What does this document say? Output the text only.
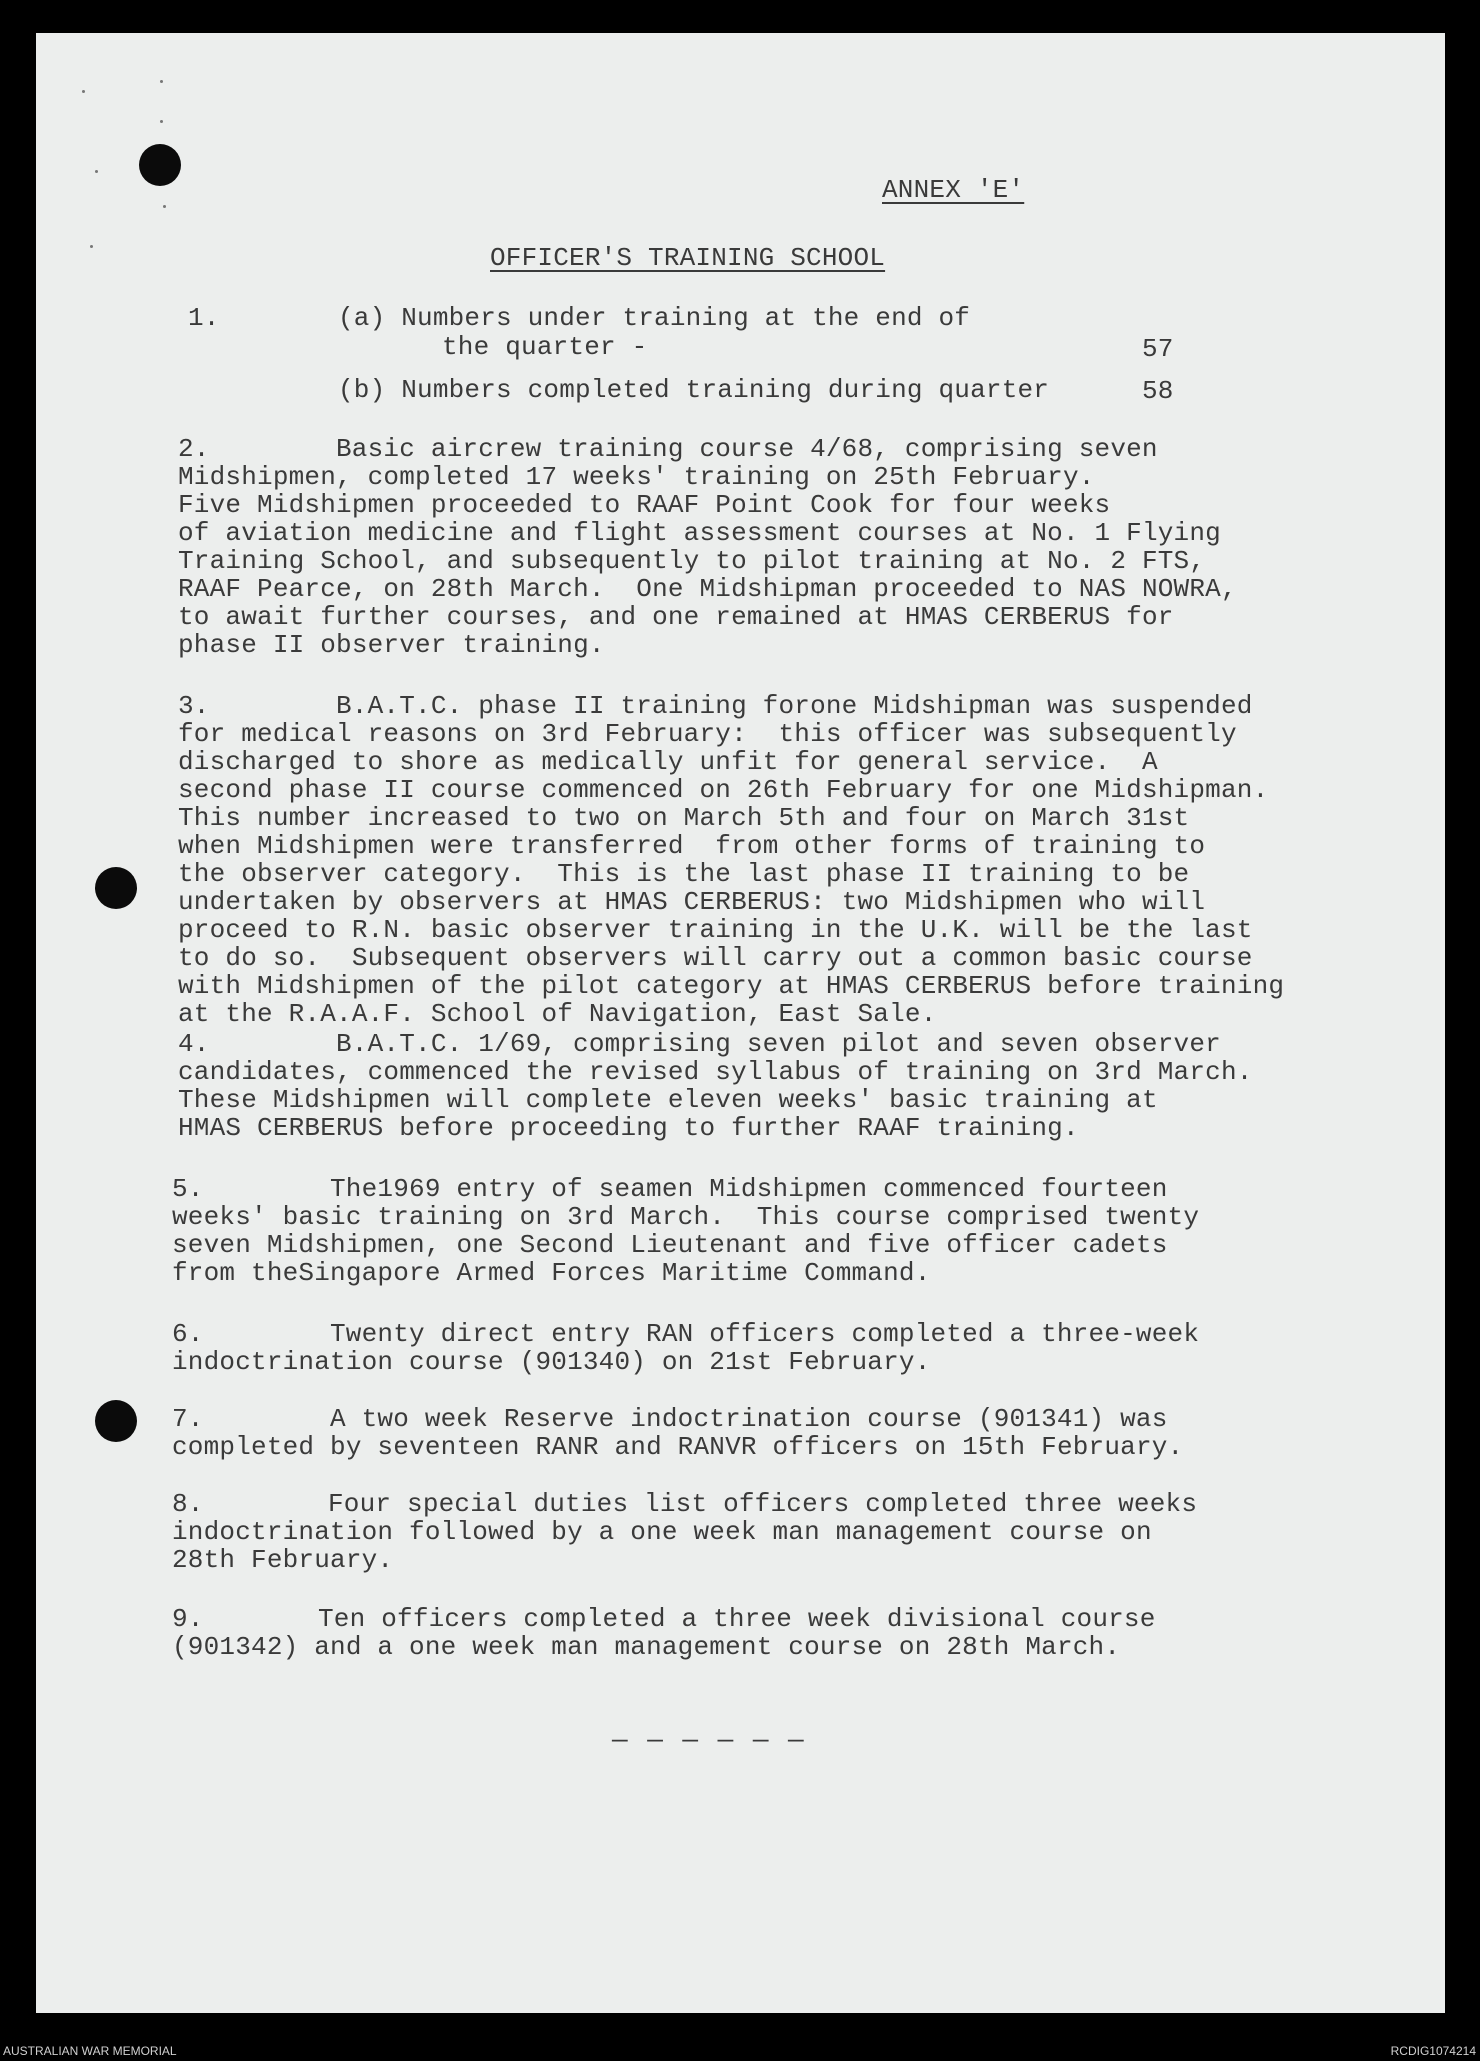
ANNEX 'E'
OFFICER'S TRAINING SCHOOL
1.	(a) Numbers under training at the end of
the quarter -	57
(b) Numbers completed training during quarter	58
2.	Basic aircrew training course 4/68, comprising seven
Midshipmen, completed 17 weeks' training on 25th February.
Five Midshipmen proceeded to RAAF Point Cook for four weeks
of aviation medicine and flight assessment courses at No. 1 Flying
Training School, and subsequently to pilot training at No. 2 FTS,
RAAF Pearce, on 28th March.  One Midshipman proceeded to NAS NOWRA,
to await further courses, and one remained at HMAS CERBERUS for
phase II observer training.
3.	B.A.T.C. phase II training forone Midshipman was suspended
for medical reasons on 3rd February:  this officer was subsequently
discharged to shore as medically unfit for general service.  A
second phase II course commenced on 26th February for one Midshipman.
This number increased to two on March 5th and four on March 31st
when Midshipmen were transferred  from other forms of training to
the observer category.  This is the last phase II training to be
undertaken by observers at HMAS CERBERUS: two Midshipmen who will
proceed to R.N. basic observer training in the U.K. will be the last
to do so.  Subsequent observers will carry out a common basic course
with Midshipmen of the pilot category at HMAS CERBERUS before training
at the R.A.A.F. School of Navigation, East Sale.
4.	B.A.T.C. 1/69, comprising seven pilot and seven observer
candidates, commenced the revised syllabus of training on 3rd March.
These Midshipmen will complete eleven weeks' basic training at
HMAS CERBERUS before proceeding to further RAAF training.
5.	The1969 entry of seamen Midshipmen commenced fourteen
weeks' basic training on 3rd March.  This course comprised twenty
seven Midshipmen, one Second Lieutenant and five officer cadets
from theSingapore Armed Forces Maritime Command.
6.	Twenty direct entry RAN officers completed a three-week
indoctrination course (901340) on 21st February.
7.	A two week Reserve indoctrination course (901341) was
completed by seventeen RANR and RANVR officers on 15th February.
8.	Four special duties list officers completed three weeks
indoctrination followed by a one week man management course on
28th February.
9.	Ten officers completed a three week divisional course
(901342) and a one week man management course on 28th March.
— — — — — —
AUSTRALIAN WAR MEMORIAL	RCDIG1074214
